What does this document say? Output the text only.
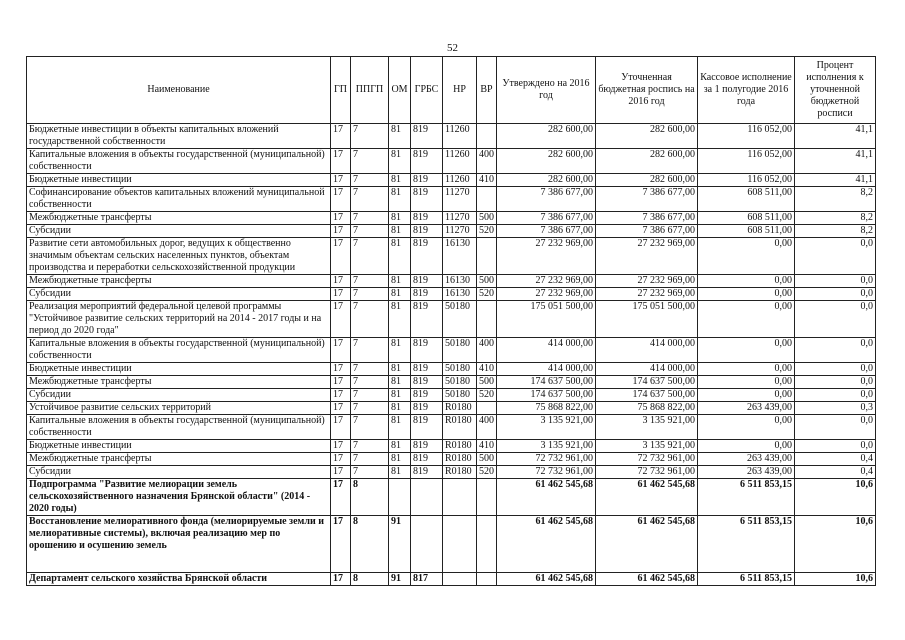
52
Наименование	ГП	ППГП	ОМ	ГРБС	НР	ВР	Утверждено на 2016 год	Уточненная бюджетная роспись на 2016 год	Кассовое исполнение за 1 полугодие 2016 года	Процент исполнения к уточненной бюджетной росписи
Бюджетные инвестиции в объекты капитальных вложений государственной собственности	17	7	81	819	11260		282 600,00	282 600,00	116 052,00	41,1
Капитальные вложения в объекты государственной (муниципальной) собственности	17	7	81	819	11260	400	282 600,00	282 600,00	116 052,00	41,1
Бюджетные инвестиции	17	7	81	819	11260	410	282 600,00	282 600,00	116 052,00	41,1
Софинансирование объектов капитальных вложений муниципальной собственности	17	7	81	819	11270		7 386 677,00	7 386 677,00	608 511,00	8,2
Межбюджетные трансферты	17	7	81	819	11270	500	7 386 677,00	7 386 677,00	608 511,00	8,2
Субсидии	17	7	81	819	11270	520	7 386 677,00	7 386 677,00	608 511,00	8,2
Развитие сети автомобильных дорог, ведущих к общественно значимым объектам сельских населенных пунктов, объектам производства и переработки сельскохозяйственной продукции	17	7	81	819	16130		27 232 969,00	27 232 969,00	0,00	0,0
Межбюджетные трансферты	17	7	81	819	16130	500	27 232 969,00	27 232 969,00	0,00	0,0
Субсидии	17	7	81	819	16130	520	27 232 969,00	27 232 969,00	0,00	0,0
Реализация мероприятий федеральной целевой программы "Устойчивое развитие сельских территорий на 2014 - 2017 годы и на период до 2020 года"	17	7	81	819	50180		175 051 500,00	175 051 500,00	0,00	0,0
Капитальные вложения в объекты государственной (муниципальной) собственности	17	7	81	819	50180	400	414 000,00	414 000,00	0,00	0,0
Бюджетные инвестиции	17	7	81	819	50180	410	414 000,00	414 000,00	0,00	0,0
Межбюджетные трансферты	17	7	81	819	50180	500	174 637 500,00	174 637 500,00	0,00	0,0
Субсидии	17	7	81	819	50180	520	174 637 500,00	174 637 500,00	0,00	0,0
Устойчивое развитие сельских территорий	17	7	81	819	R0180		75 868 822,00	75 868 822,00	263 439,00	0,3
Капитальные вложения в объекты государственной (муниципальной) собственности	17	7	81	819	R0180	400	3 135 921,00	3 135 921,00	0,00	0,0
Бюджетные инвестиции	17	7	81	819	R0180	410	3 135 921,00	3 135 921,00	0,00	0,0
Межбюджетные трансферты	17	7	81	819	R0180	500	72 732 961,00	72 732 961,00	263 439,00	0,4
Субсидии	17	7	81	819	R0180	520	72 732 961,00	72 732 961,00	263 439,00	0,4
Подпрограмма "Развитие мелиорации земель сельскохозяйственного назначения Брянской области" (2014 - 2020 годы)	17	8					61 462 545,68	61 462 545,68	6 511 853,15	10,6
Восстановление мелиоративного фонда (мелиорируемые земли и мелиоративные системы), включая реализацию мер по орошению и осушению земель	17	8	91				61 462 545,68	61 462 545,68	6 511 853,15	10,6
Департамент сельского хозяйства Брянской области	17	8	91	817			61 462 545,68	61 462 545,68	6 511 853,15	10,6
